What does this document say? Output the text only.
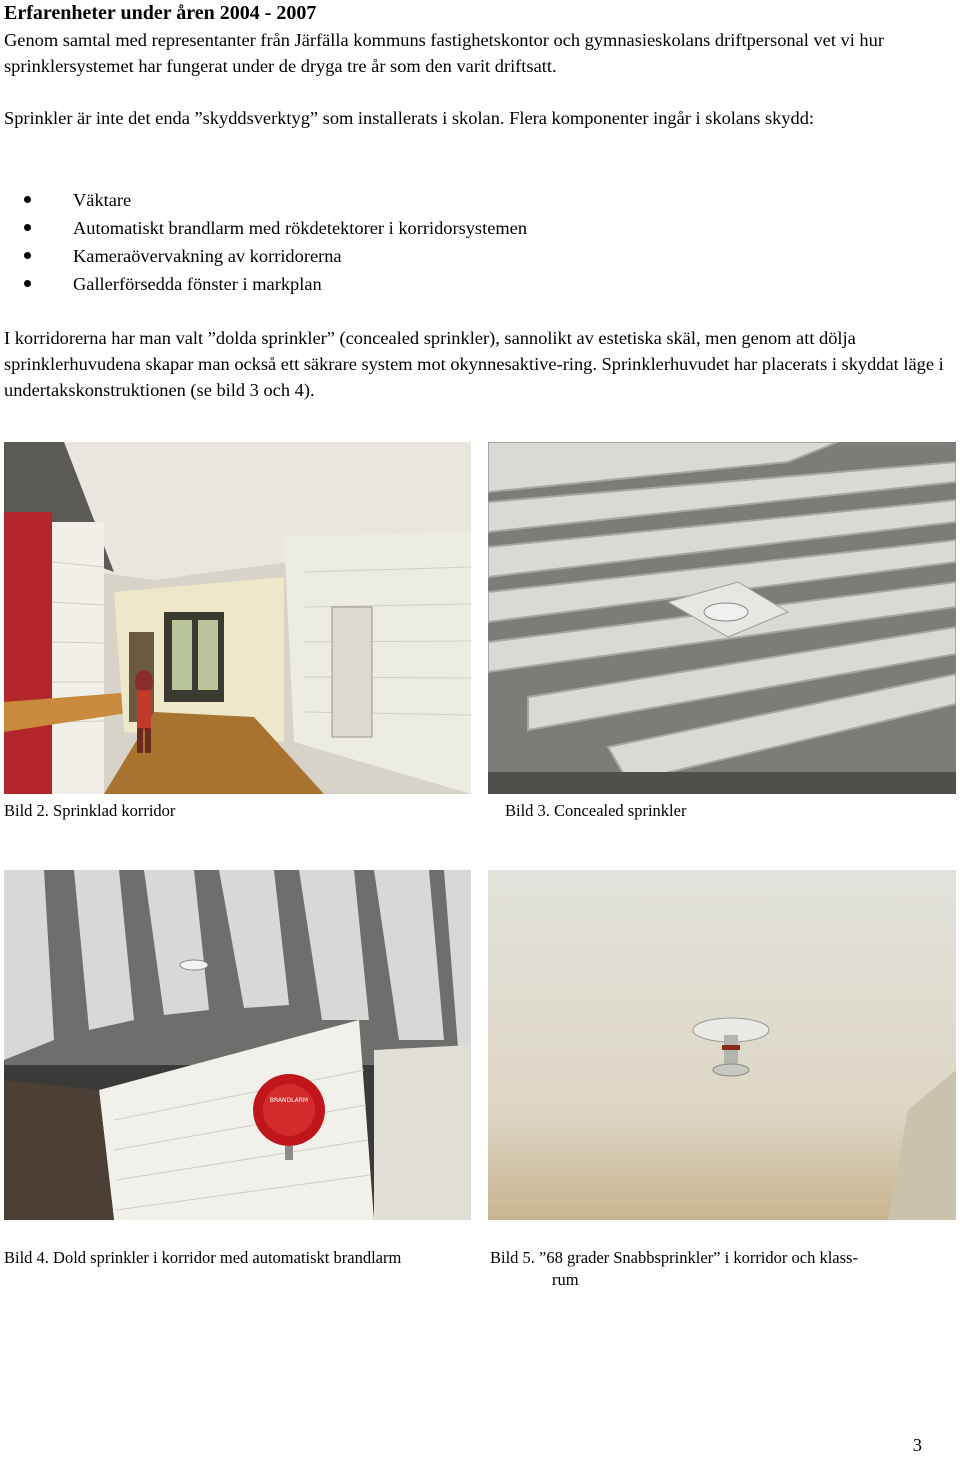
Erfarenheter under åren 2004 - 2007
Genom samtal med representanter från Järfälla kommuns fastighetskontor och gymnasieskolans driftpersonal vet vi hur sprinklersystemet har fungerat under de dryga tre år som den varit driftsatt.
Sprinkler är inte det enda ”skyddsverktyg” som installerats i skolan. Flera komponenter ingår i skolans skydd:
Väktare
Automatiskt brandlarm med rökdetektorer i korridorsystemen
Kameraövervakning av korridorerna
Gallerförsedda fönster i markplan
I korridorerna har man valt ”dolda sprinkler” (concealed sprinkler), sannolikt av estetiska skäl, men genom att dölja sprinklerhuvudena skapar man också ett säkrare system mot okynnesaktive-ring. Sprinklerhuvudet har placerats i skyddat läge i undertakskonstruktionen (se bild 3 och 4).
Bild 2. Sprinklad korridor	Bild 3. Concealed sprinkler
BRANDLARM
Bild 4. Dold sprinkler i korridor med automatiskt brandlarm	Bild 5. ”68 grader Snabbsprinkler” i korridor och klass-
rum
3
